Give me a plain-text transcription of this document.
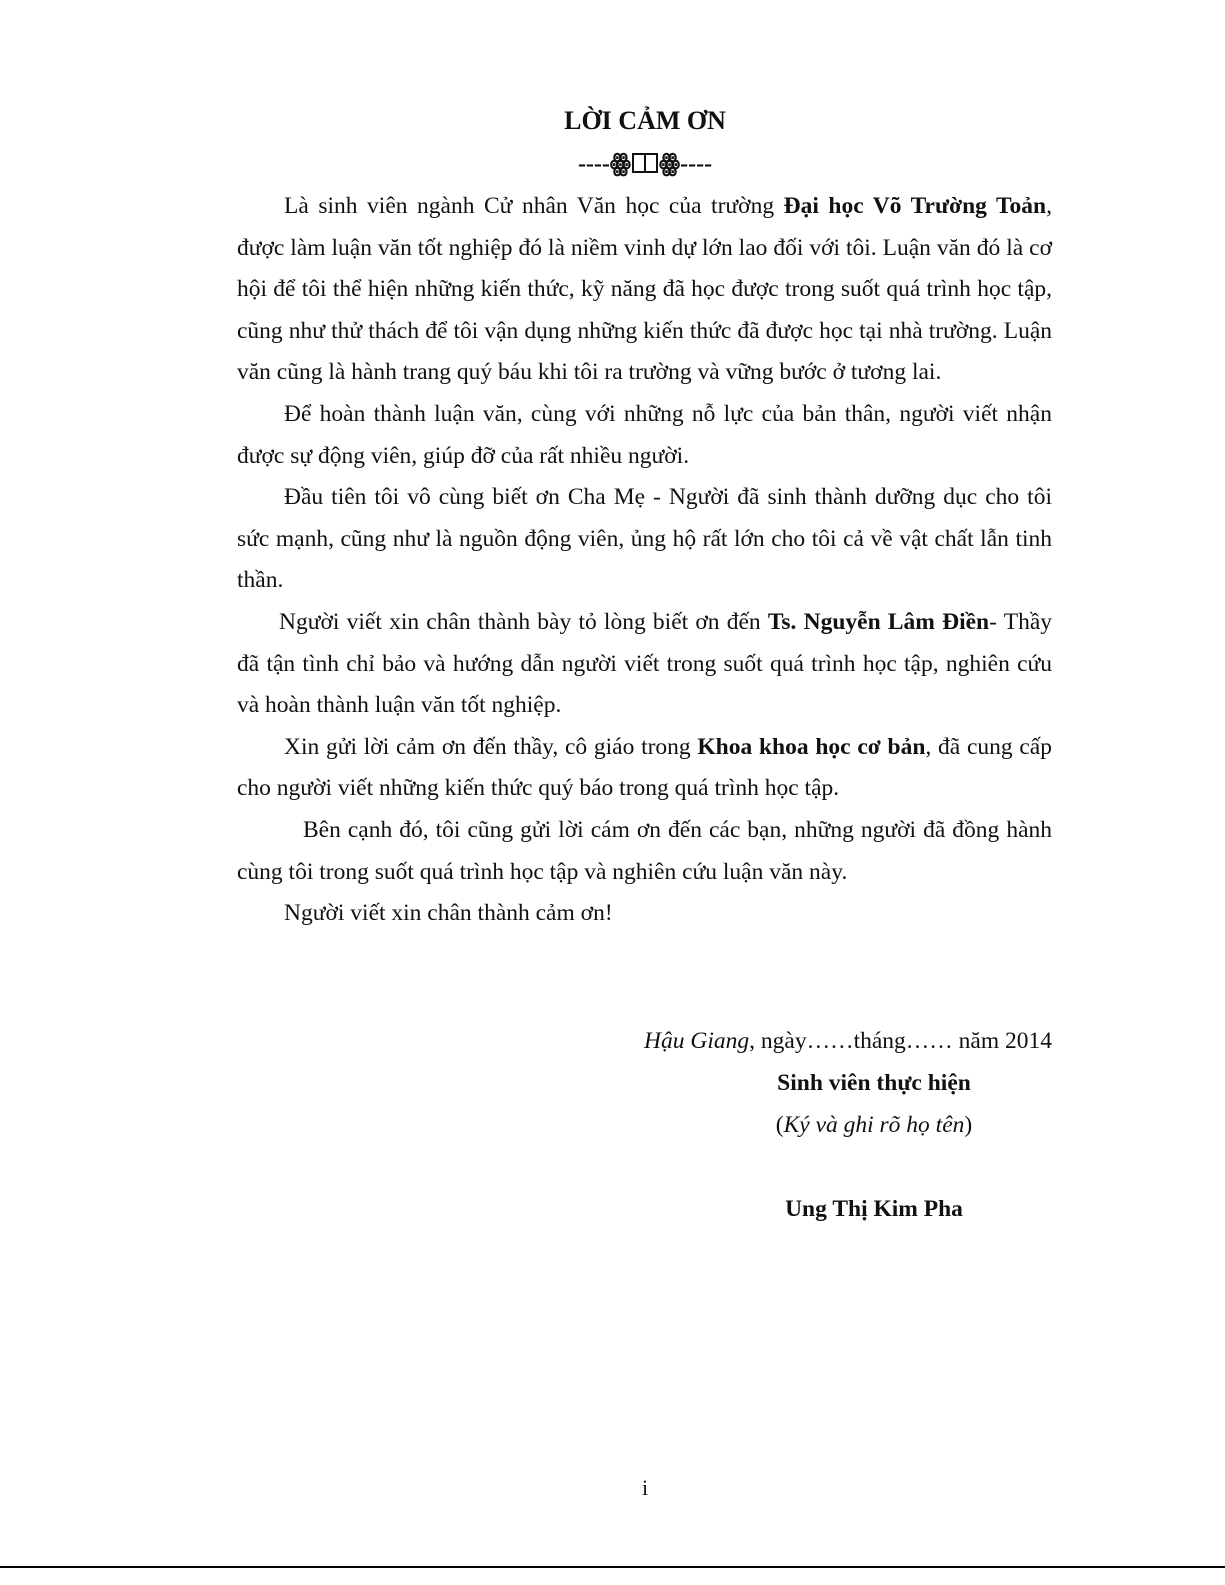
LỜI CẢM ƠN
----ꙮ ꙮ----

Là sinh viên ngành Cử nhân Văn học của trường Đại học Võ Trường Toản, được làm luận văn tốt nghiệp đó là niềm vinh dự lớn lao đối với tôi. Luận văn đó là cơ hội để tôi thể hiện những kiến thức, kỹ năng đã học được trong suốt quá trình học tập, cũng như thử thách để tôi vận dụng những kiến thức đã được học tại nhà trường. Luận văn cũng là hành trang quý báu khi tôi ra trường và vững bước ở tương lai.

Để hoàn thành luận văn, cùng với những nỗ lực của bản thân, người viết nhận được sự động viên, giúp đỡ của rất nhiều người.

Đầu tiên tôi vô cùng biết ơn Cha Mẹ - Người đã sinh thành dưỡng dục cho tôi sức mạnh, cũng như là nguồn động viên, ủng hộ rất lớn cho tôi cả về vật chất lẫn tinh thần.

Người viết xin chân thành bày tỏ lòng biết ơn đến Ts. Nguyễn Lâm Điền- Thầy đã tận tình chỉ bảo và hướng dẫn người viết trong suốt quá trình học tập, nghiên cứu và hoàn thành luận văn tốt nghiệp.

Xin gửi lời cảm ơn đến thầy, cô giáo trong Khoa khoa học cơ bản, đã cung cấp cho người viết những kiến thức quý báo trong quá trình học tập.

Bên cạnh đó, tôi cũng gửi lời cám ơn đến các bạn, những người đã đồng hành cùng tôi trong suốt quá trình học tập và nghiên cứu luận văn này.

Người viết xin chân thành cảm ơn!

Hậu Giang, ngày……tháng…… năm 2014
Sinh viên thực hiện
(Ký và ghi rõ họ tên)
Ung Thị Kim Pha
i
